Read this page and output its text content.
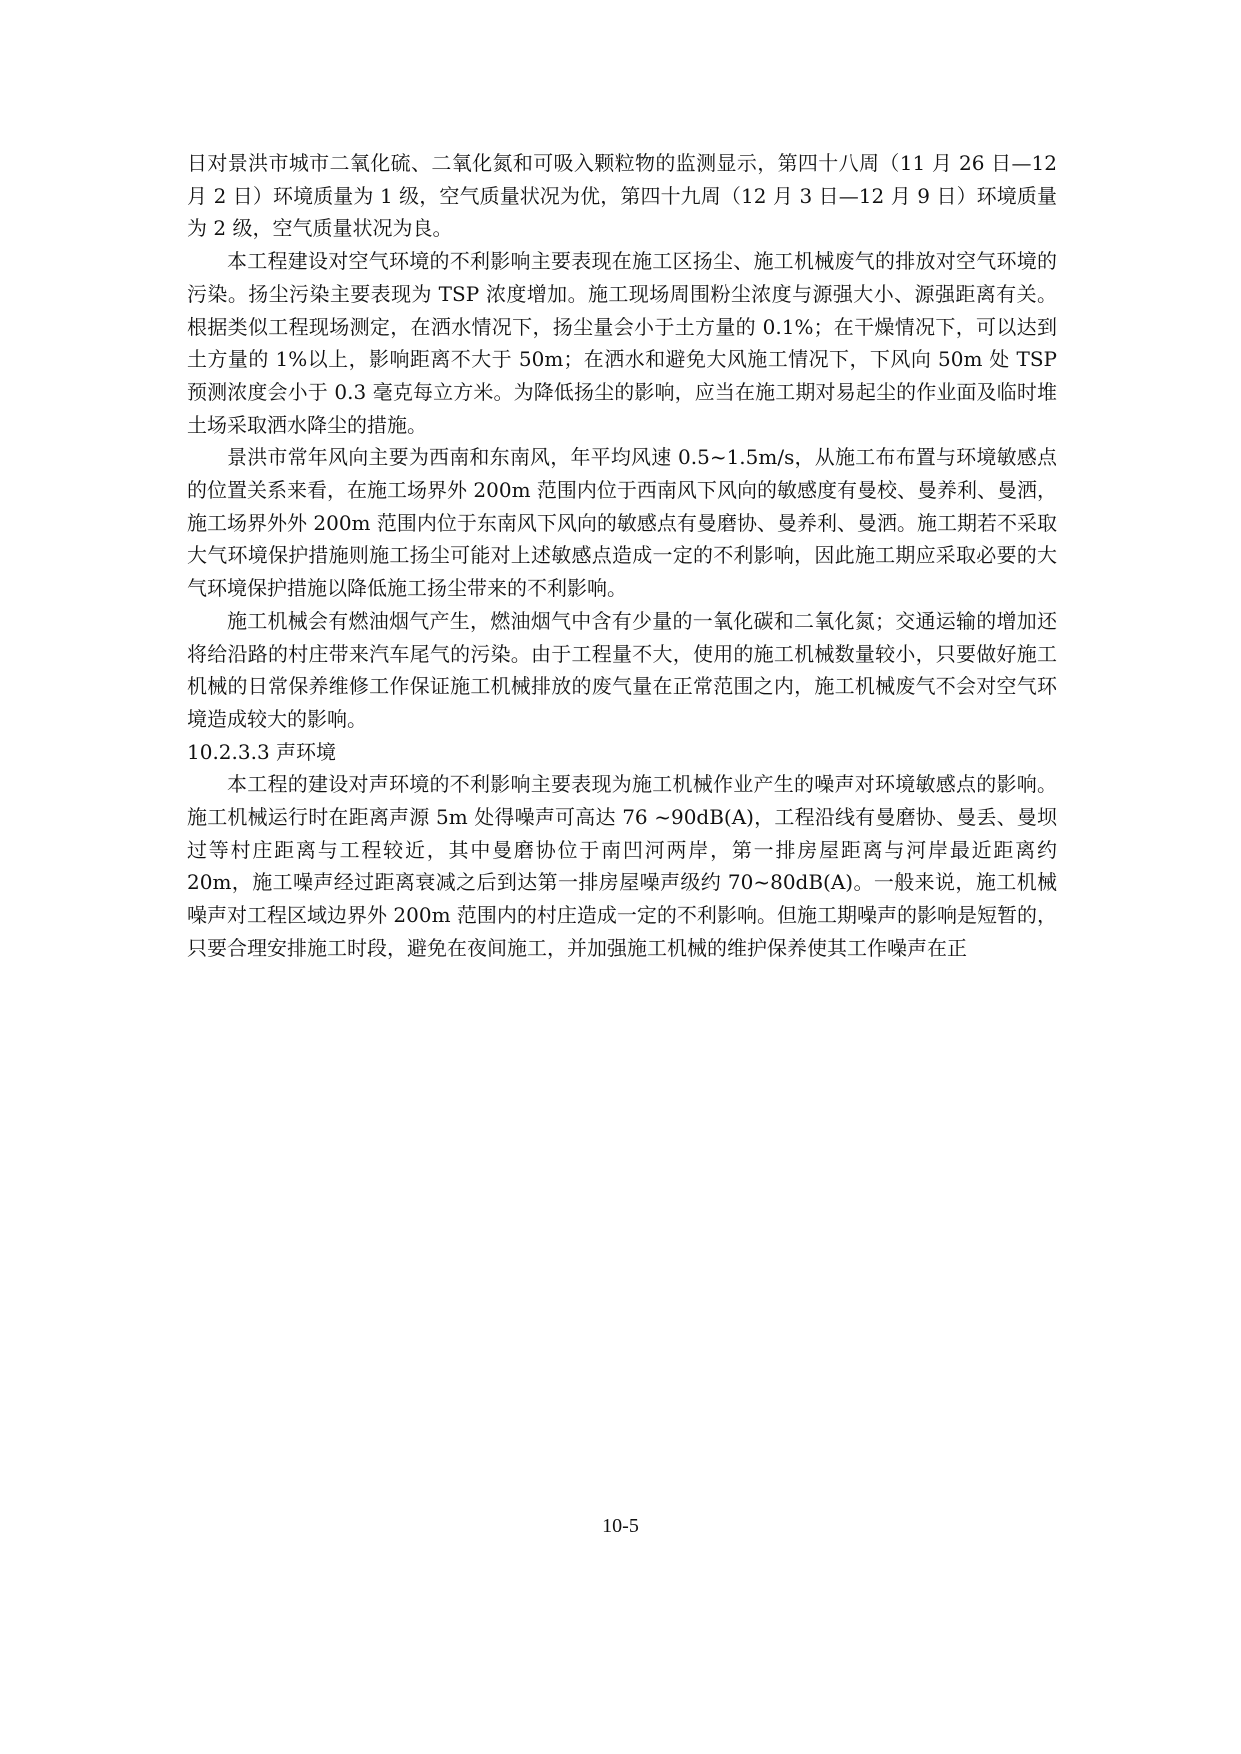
日对景洪市城市二氧化硫、二氧化氮和可吸入颗粒物的监测显示，第四十八周（11 月 26 日—12 月 2 日）环境质量为 1 级，空气质量状况为优，第四十九周（12 月 3 日—12 月 9 日）环境质量为 2 级，空气质量状况为良。

本工程建设对空气环境的不利影响主要表现在施工区扬尘、施工机械废气的排放对空气环境的污染。扬尘污染主要表现为 TSP 浓度增加。施工现场周围粉尘浓度与源强大小、源强距离有关。根据类似工程现场测定，在洒水情况下，扬尘量会小于土方量的 0.1%；在干燥情况下，可以达到土方量的 1%以上，影响距离不大于 50m；在洒水和避免大风施工情况下，下风向 50m 处 TSP 预测浓度会小于 0.3 毫克每立方米。为降低扬尘的影响，应当在施工期对易起尘的作业面及临时堆土场采取洒水降尘的措施。

景洪市常年风向主要为西南和东南风，年平均风速 0.5~1.5m/s，从施工布布置与环境敏感点的位置关系来看，在施工场界外 200m 范围内位于西南风下风向的敏感度有曼校、曼养利、曼洒，施工场界外外 200m 范围内位于东南风下风向的敏感点有曼磨协、曼养利、曼洒。施工期若不采取大气环境保护措施则施工扬尘可能对上述敏感点造成一定的不利影响，因此施工期应采取必要的大气环境保护措施以降低施工扬尘带来的不利影响。

施工机械会有燃油烟气产生，燃油烟气中含有少量的一氧化碳和二氧化氮；交通运输的增加还将给沿路的村庄带来汽车尾气的污染。由于工程量不大，使用的施工机械数量较小，只要做好施工机械的日常保养维修工作保证施工机械排放的废气量在正常范围之内，施工机械废气不会对空气环境造成较大的影响。

10.2.3.3 声环境

本工程的建设对声环境的不利影响主要表现为施工机械作业产生的噪声对环境敏感点的影响。施工机械运行时在距离声源 5m 处得噪声可高达 76 ~90dB(A)，工程沿线有曼磨协、曼丢、曼坝过等村庄距离与工程较近，其中曼磨协位于南凹河两岸，第一排房屋距离与河岸最近距离约 20m，施工噪声经过距离衰减之后到达第一排房屋噪声级约 70~80dB(A)。一般来说，施工机械噪声对工程区域边界外 200m 范围内的村庄造成一定的不利影响。但施工期噪声的影响是短暂的，只要合理安排施工时段，避免在夜间施工，并加强施工机械的维护保养使其工作噪声在正

10-5
